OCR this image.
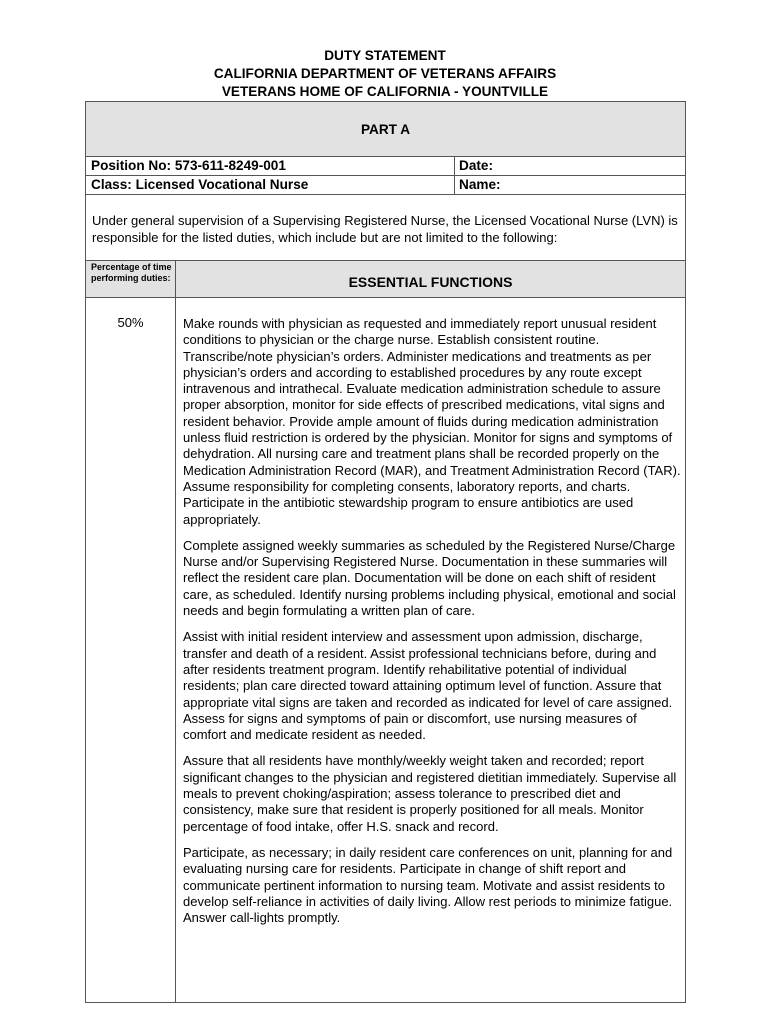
DUTY STATEMENT
CALIFORNIA DEPARTMENT OF VETERANS AFFAIRS
VETERANS HOME OF CALIFORNIA - YOUNTVILLE
PART A
Position No: 573-611-8249-001
Class: Licensed Vocational Nurse
Date:
Name:
Under general supervision of a Supervising Registered Nurse, the Licensed Vocational Nurse (LVN) is responsible for the listed duties, which include but are not limited to the following:
Percentage of time performing duties:	ESSENTIAL FUNCTIONS
50%	Make rounds with physician as requested and immediately report unusual resident conditions to physician or the charge nurse. Establish consistent routine. Transcribe/note physician’s orders. Administer medications and treatments as per physician’s orders and according to established procedures by any route except intravenous and intrathecal. Evaluate medication administration schedule to assure proper absorption, monitor for side effects of prescribed medications, vital signs and resident behavior. Provide ample amount of fluids during medication administration unless fluid restriction is ordered by the physician. Monitor for signs and symptoms of dehydration. All nursing care and treatment plans shall be recorded properly on the Medication Administration Record (MAR), and Treatment Administration Record (TAR). Assume responsibility for completing consents, laboratory reports, and charts. Participate in the antibiotic stewardship program to ensure antibiotics are used appropriately.

Complete assigned weekly summaries as scheduled by the Registered Nurse/Charge Nurse and/or Supervising Registered Nurse. Documentation in these summaries will reflect the resident care plan. Documentation will be done on each shift of resident care, as scheduled. Identify nursing problems including physical, emotional and social needs and begin formulating a written plan of care.

Assist with initial resident interview and assessment upon admission, discharge, transfer and death of a resident. Assist professional technicians before, during and after residents treatment program. Identify rehabilitative potential of individual residents; plan care directed toward attaining optimum level of function. Assure that appropriate vital signs are taken and recorded as indicated for level of care assigned. Assess for signs and symptoms of pain or discomfort, use nursing measures of comfort and medicate resident as needed.

Assure that all residents have monthly/weekly weight taken and recorded; report significant changes to the physician and registered dietitian immediately. Supervise all meals to prevent choking/aspiration; assess tolerance to prescribed diet and consistency, make sure that resident is properly positioned for all meals. Monitor percentage of food intake, offer H.S. snack and record.

Participate, as necessary; in daily resident care conferences on unit, planning for and evaluating nursing care for residents. Participate in change of shift report and communicate pertinent information to nursing team. Motivate and assist residents to develop self-reliance in activities of daily living. Allow rest periods to minimize fatigue. Answer call-lights promptly.
